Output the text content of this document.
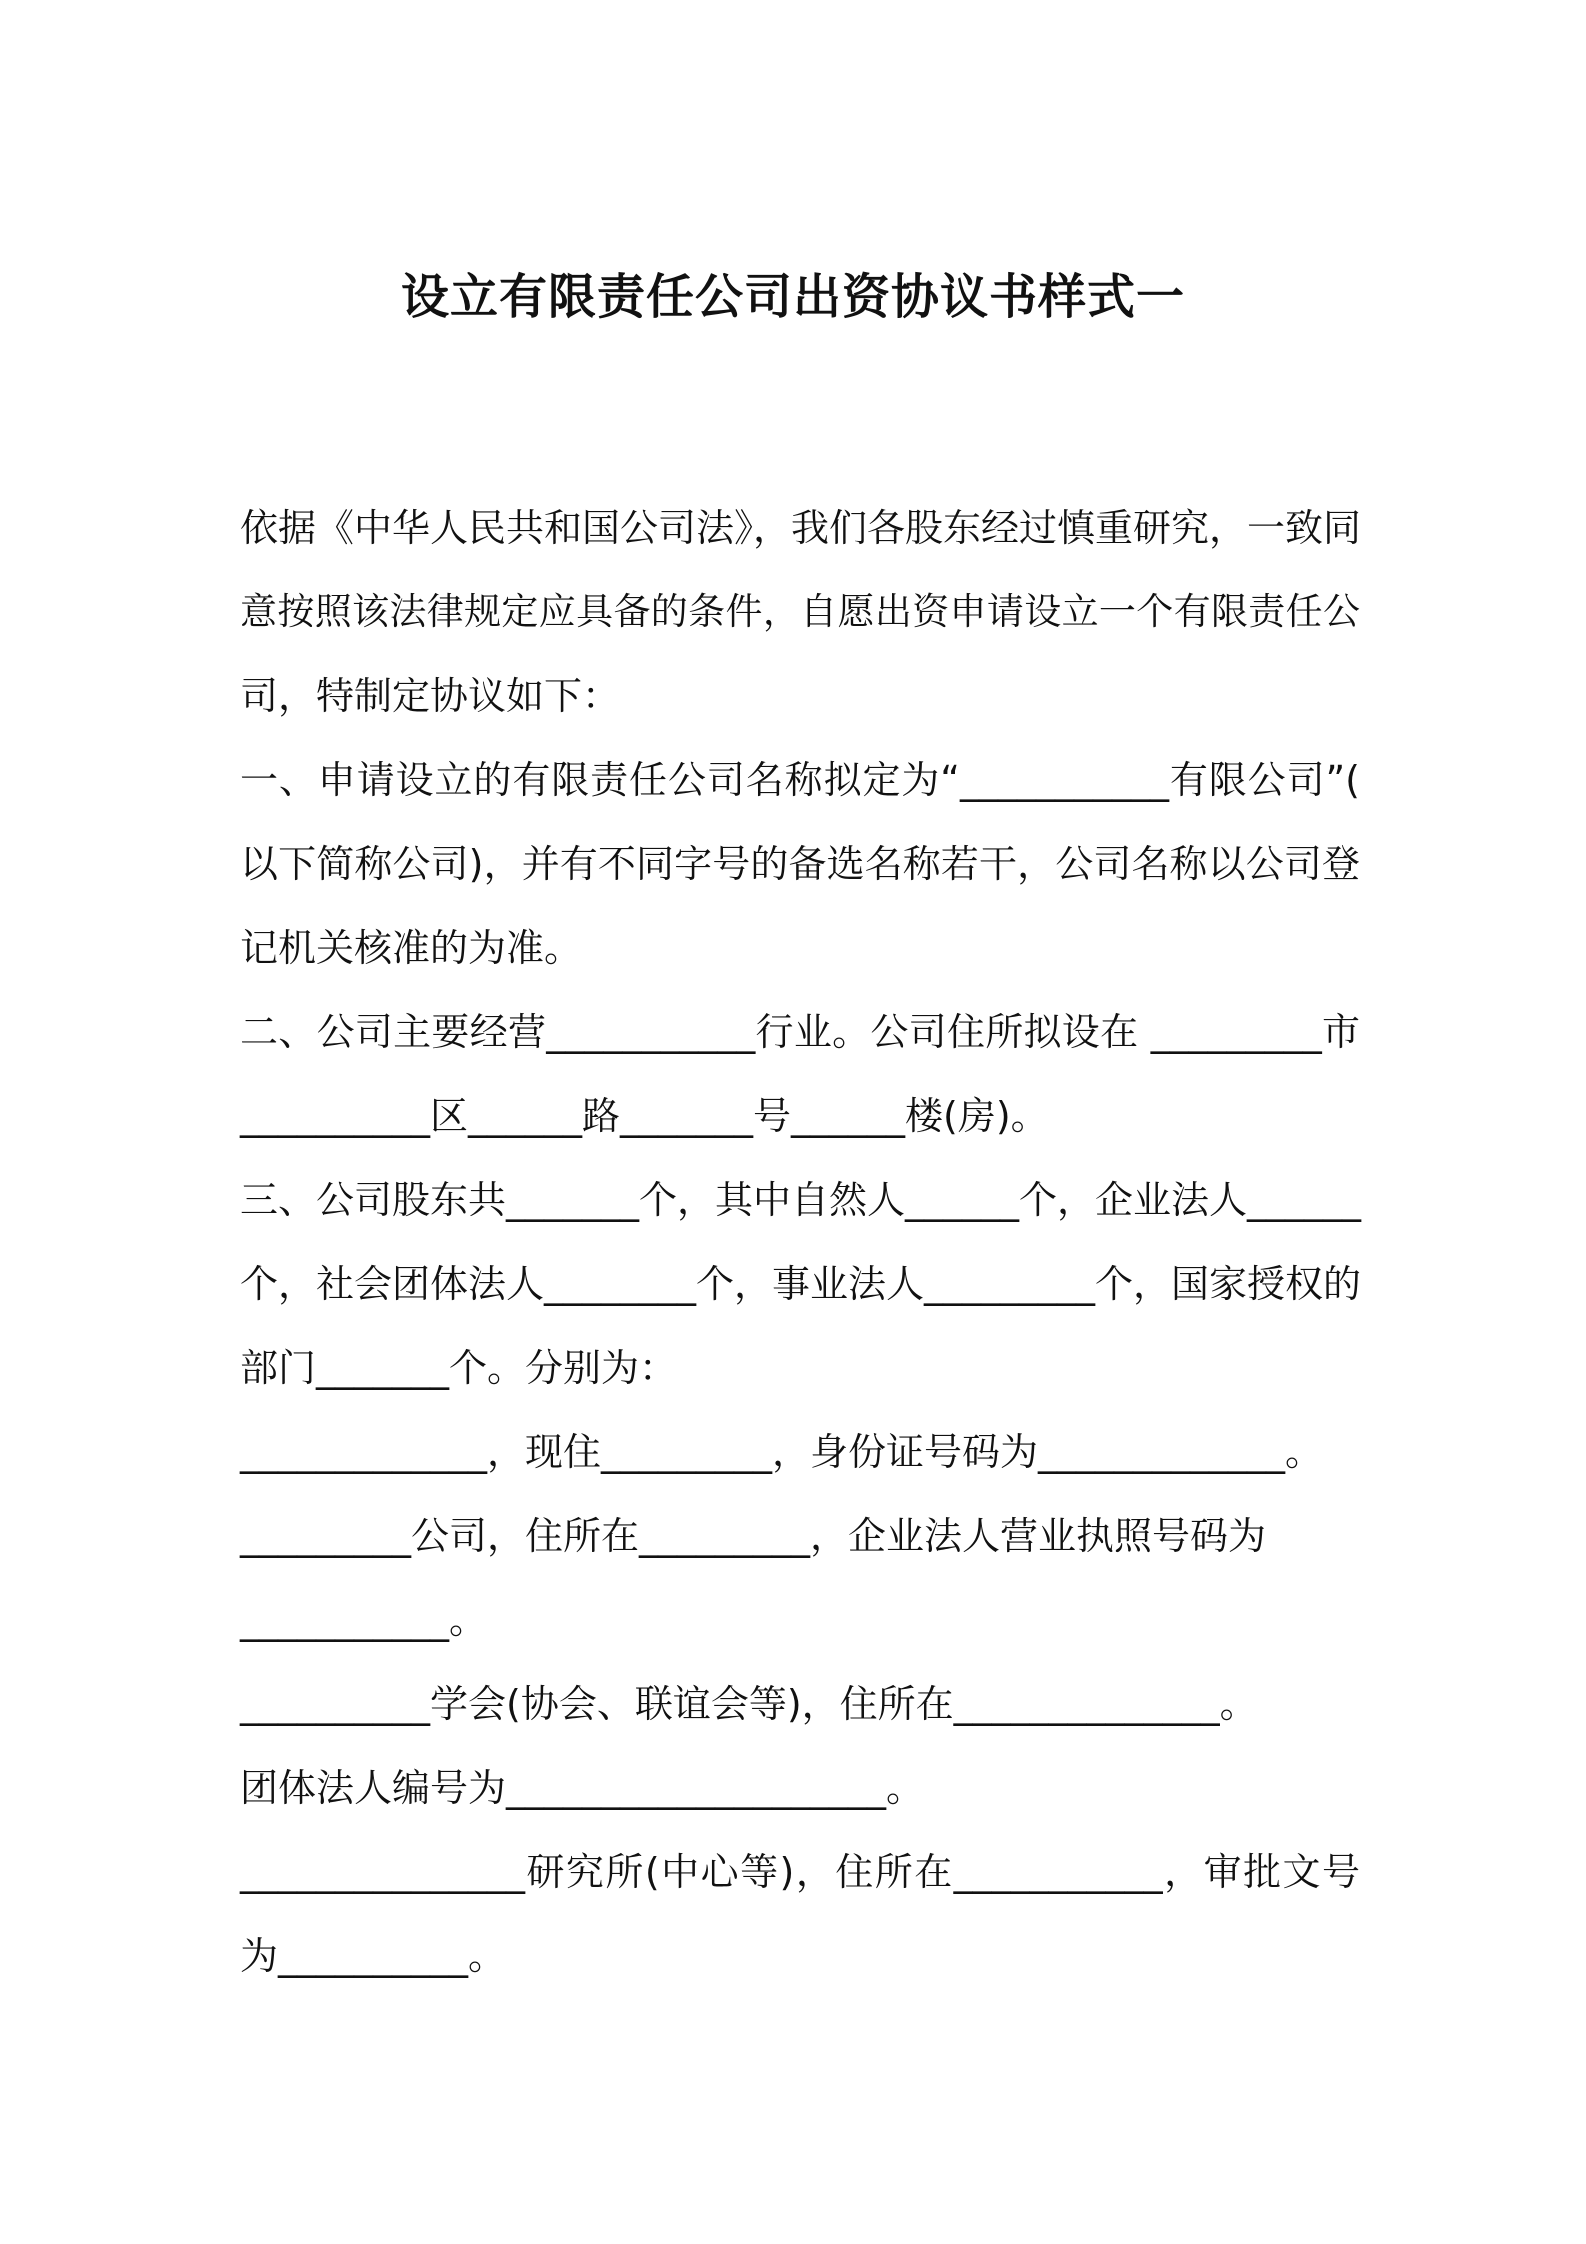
设立有限责任公司出资协议书样式一
依据《中华人民共和国公司法》，我们各股东经过慎重研究，一致同
意按照该法律规定应具备的条件，自愿出资申请设立一个有限责任公
司，特制定协议如下：
一、申请设立的有限责任公司名称拟定为“___________有限公司”(
以下简称公司)，并有不同字号的备选名称若干，公司名称以公司登
记机关核准的为准。
二、公司主要经营___________行业。公司住所拟设在 _________市
__________区______路_______号______楼(房)。
三、公司股东共_______个，其中自然人______个，企业法人______
个，社会团体法人________个，事业法人_________个，国家授权的
部门_______个。分别为：
_____________，现住_________，身份证号码为_____________。
_________公司，住所在_________，企业法人营业执照号码为
___________。
__________学会(协会、联谊会等)，住所在______________。
团体法人编号为____________________。
_______________研究所(中心等)，住所在___________，审批文号
为__________。
